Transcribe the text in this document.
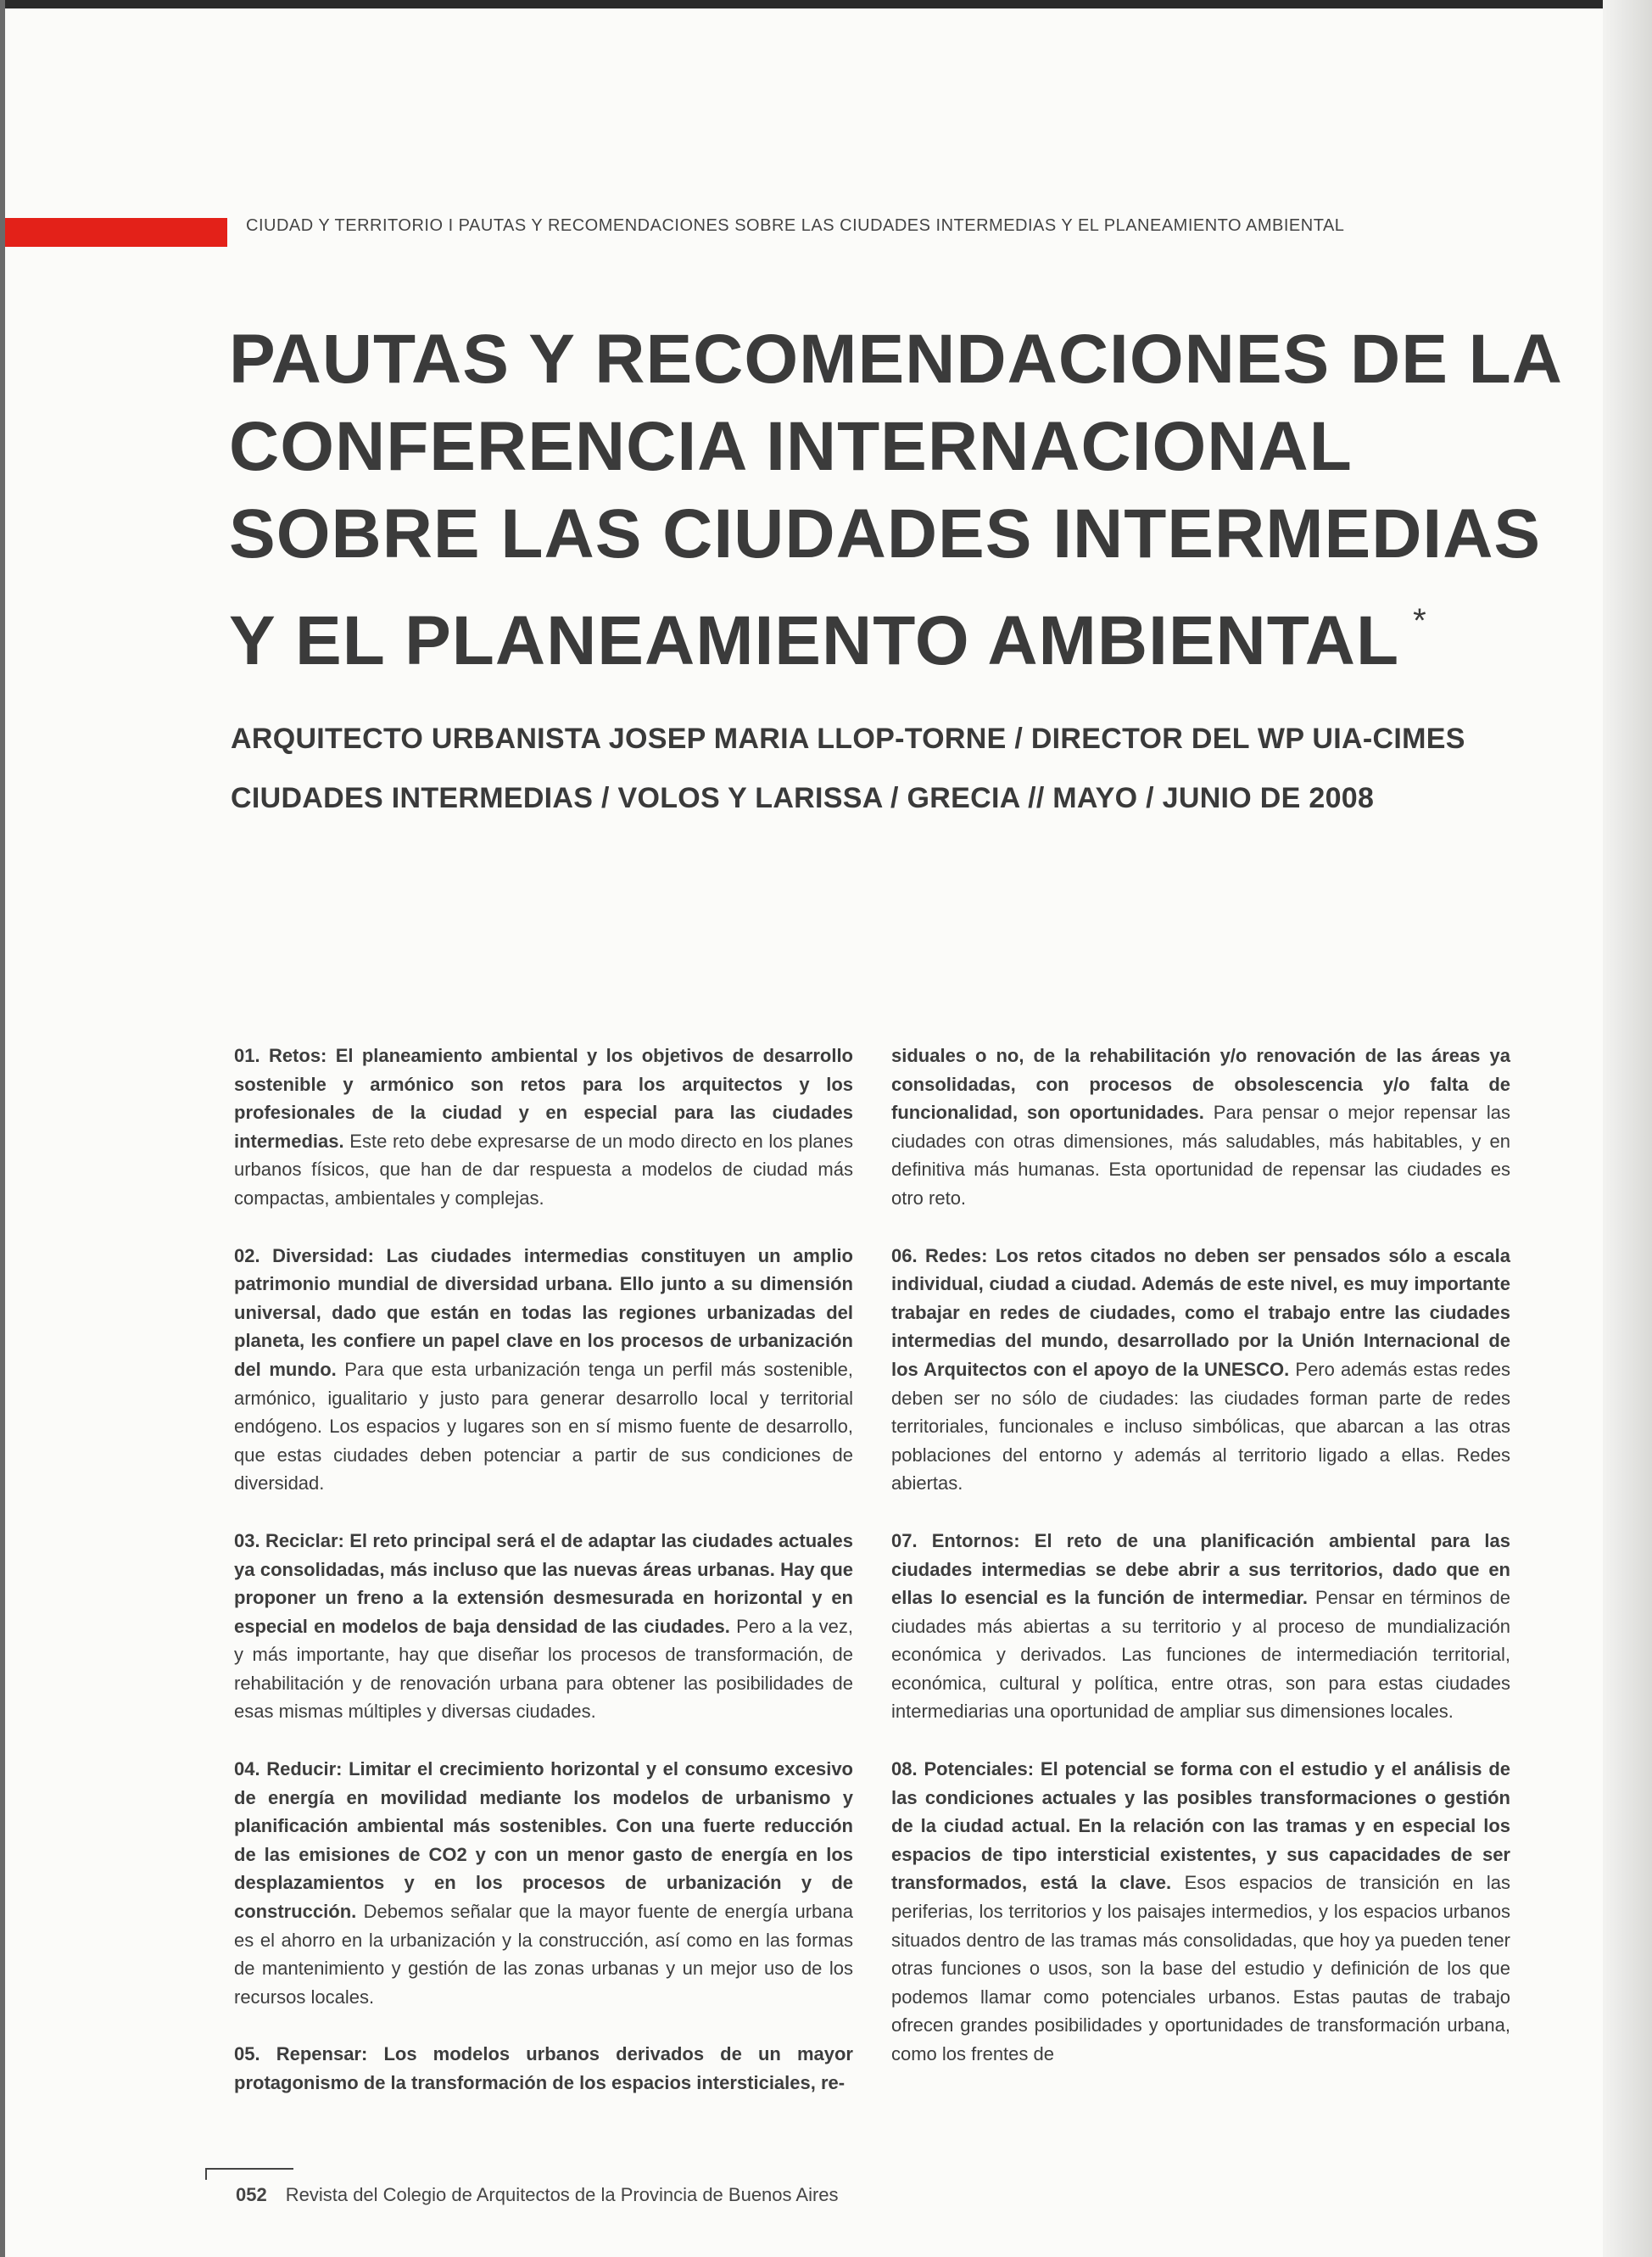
CIUDAD Y TERRITORIO I PAUTAS Y RECOMENDACIONES SOBRE LAS CIUDADES INTERMEDIAS Y EL PLANEAMIENTO AMBIENTAL
PAUTAS Y RECOMENDACIONES DE LA
CONFERENCIA INTERNACIONAL
SOBRE LAS CIUDADES INTERMEDIAS
Y EL PLANEAMIENTO AMBIENTAL *
ARQUITECTO URBANISTA JOSEP MARIA LLOP-TORNE / DIRECTOR DEL WP UIA-CIMES
CIUDADES INTERMEDIAS / VOLOS Y LARISSA / GRECIA // MAYO / JUNIO DE 2008

01. Retos: El planeamiento ambiental y los objetivos de desarrollo sostenible y armónico son retos para los arquitectos y los profesionales de la ciudad y en especial para las ciudades intermedias. Este reto debe expresarse de un modo directo en los planes urbanos físicos, que han de dar respuesta a modelos de ciudad más compactas, ambientales y complejas.

02. Diversidad: Las ciudades intermedias constituyen un amplio patrimonio mundial de diversidad urbana. Ello junto a su dimensión universal, dado que están en todas las regiones urbanizadas del planeta, les confiere un papel clave en los procesos de urbanización del mundo. Para que esta urbanización tenga un perfil más sostenible, armónico, igualitario y justo para generar desarrollo local y territorial endógeno. Los espacios y lugares son en sí mismo fuente de desarrollo, que estas ciudades deben potenciar a partir de sus condiciones de diversidad.

03. Reciclar: El reto principal será el de adaptar las ciudades actuales ya consolidadas, más incluso que las nuevas áreas urbanas. Hay que proponer un freno a la extensión desmesurada en horizontal y en especial en modelos de baja densidad de las ciudades. Pero a la vez, y más importante, hay que diseñar los procesos de transformación, de rehabilitación y de renovación urbana para obtener las posibilidades de esas mismas múltiples y diversas ciudades.

04. Reducir: Limitar el crecimiento horizontal y el consumo excesivo de energía en movilidad mediante los modelos de urbanismo y planificación ambiental más sostenibles. Con una fuerte reducción de las emisiones de CO2 y con un menor gasto de energía en los desplazamientos y en los procesos de urbanización y de construcción. Debemos señalar que la mayor fuente de energía urbana es el ahorro en la urbanización y la construcción, así como en las formas de mantenimiento y gestión de las zonas urbanas y un mejor uso de los recursos locales.

05. Repensar: Los modelos urbanos derivados de un mayor protagonismo de la transformación de los espacios intersticiales, re-

siduales o no, de la rehabilitación y/o renovación de las áreas ya consolidadas, con procesos de obsolescencia y/o falta de funcionalidad, son oportunidades. Para pensar o mejor repensar las ciudades con otras dimensiones, más saludables, más habitables, y en definitiva más humanas. Esta oportunidad de repensar las ciudades es otro reto.

06. Redes: Los retos citados no deben ser pensados sólo a escala individual, ciudad a ciudad. Además de este nivel, es muy importante trabajar en redes de ciudades, como el trabajo entre las ciudades intermedias del mundo, desarrollado por la Unión Internacional de los Arquitectos con el apoyo de la UNESCO. Pero además estas redes deben ser no sólo de ciudades: las ciudades forman parte de redes territoriales, funcionales e incluso simbólicas, que abarcan a las otras poblaciones del entorno y además al territorio ligado a ellas. Redes abiertas.

07. Entornos: El reto de una planificación ambiental para las ciudades intermedias se debe abrir a sus territorios, dado que en ellas lo esencial es la función de intermediar. Pensar en términos de ciudades más abiertas a su territorio y al proceso de mundialización económica y derivados. Las funciones de intermediación territorial, económica, cultural y política, entre otras, son para estas ciudades intermediarias una oportunidad de ampliar sus dimensiones locales.

08. Potenciales: El potencial se forma con el estudio y el análisis de las condiciones actuales y las posibles transformaciones o gestión de la ciudad actual. En la relación con las tramas y en especial los espacios de tipo intersticial existentes, y sus capacidades de ser transformados, está la clave. Esos espacios de transición en las periferias, los territorios y los paisajes intermedios, y los espacios urbanos situados dentro de las tramas más consolidadas, que hoy ya pueden tener otras funciones o usos, son la base del estudio y definición de los que podemos llamar como potenciales urbanos. Estas pautas de trabajo ofrecen grandes posibilidades y oportunidades de transformación urbana, como los frentes de

052 Revista del Colegio de Arquitectos de la Provincia de Buenos Aires
